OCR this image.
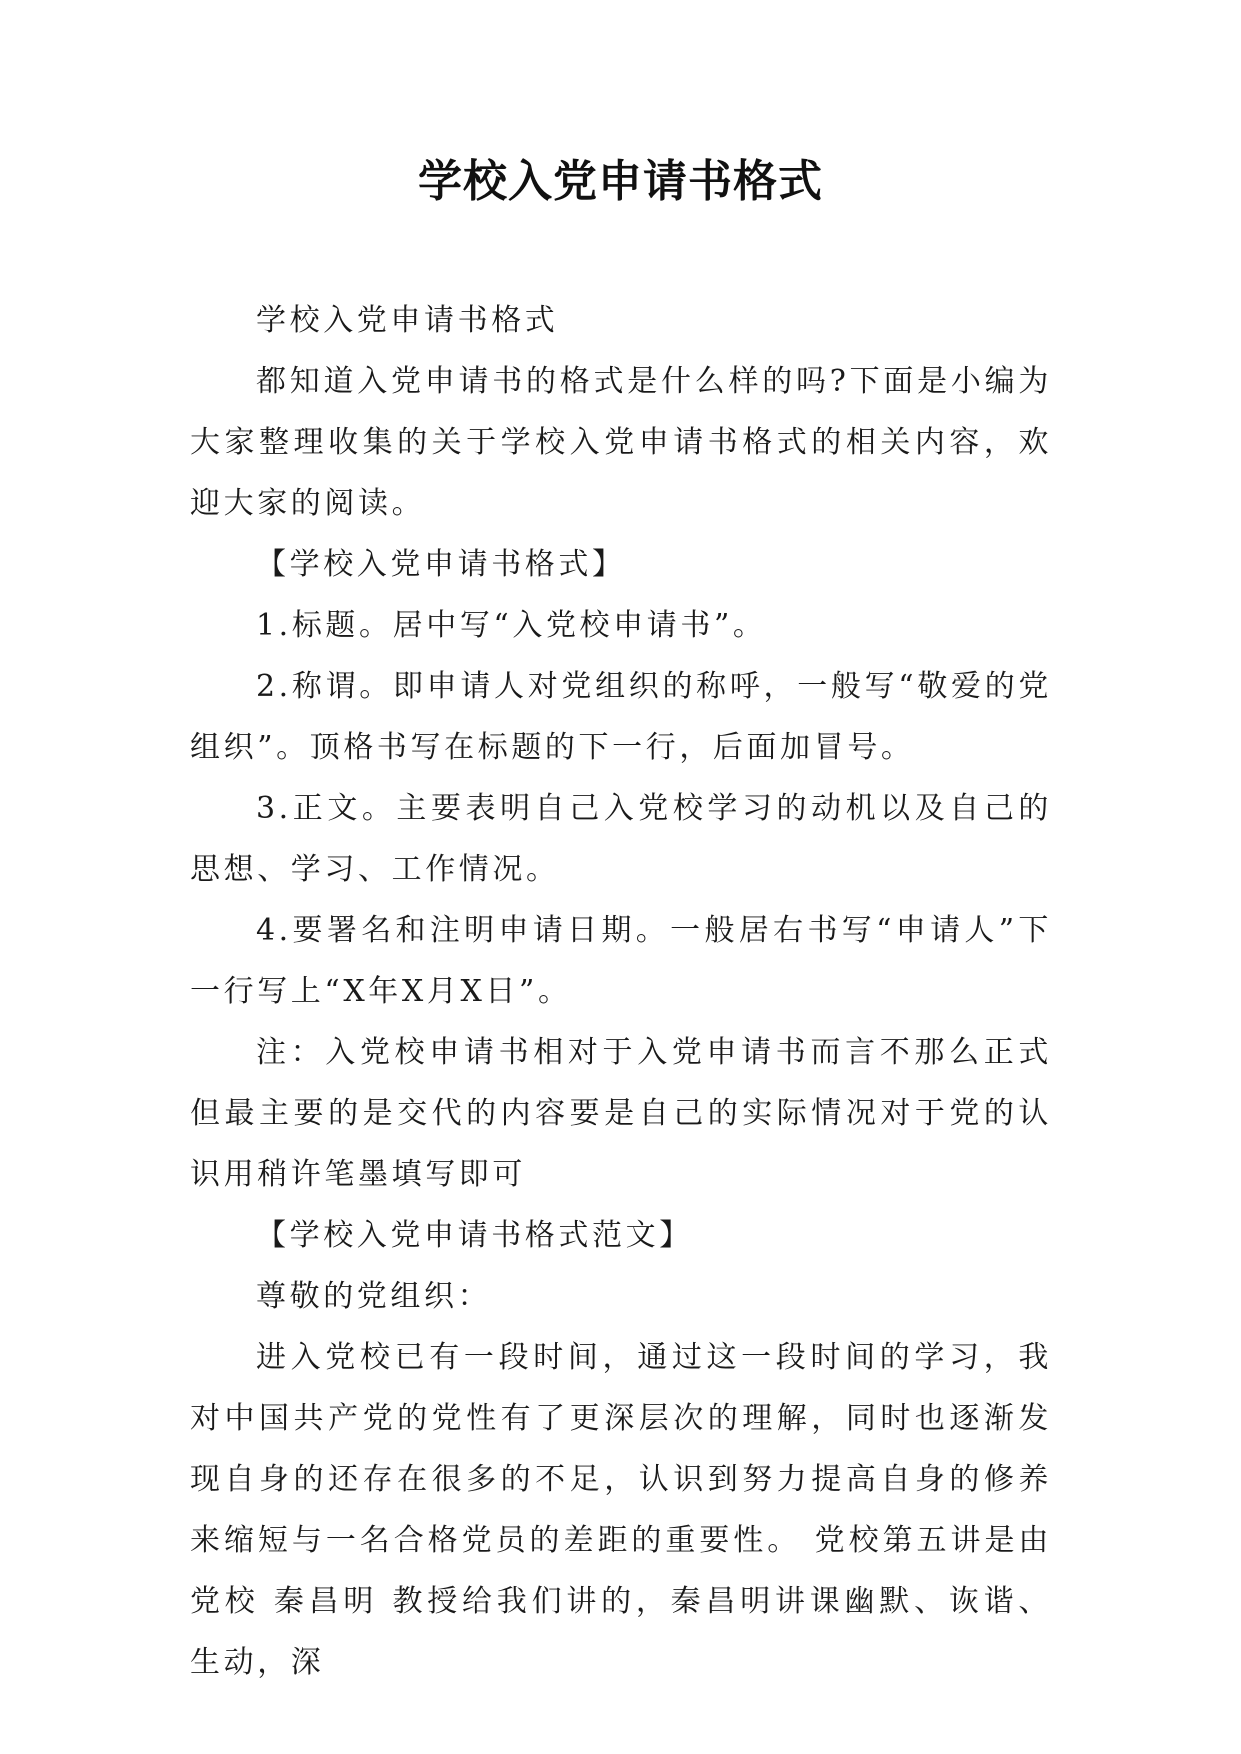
学校入党申请书格式

学校入党申请书格式

都知道入党申请书的格式是什么样的吗?下面是小编为大家整理收集的关于学校入党申请书格式的相关内容，欢迎大家的阅读。

【学校入党申请书格式】

1.标题。居中写“入党校申请书”。

2.称谓。即申请人对党组织的称呼，一般写“敬爱的党组织”。顶格书写在标题的下一行，后面加冒号。

3.正文。主要表明自己入党校学习的动机以及自己的思想、学习、工作情况。

4.要署名和注明申请日期。一般居右书写“申请人”下一行写上“X年X月X日”。

注：入党校申请书相对于入党申请书而言不那么正式但最主要的是交代的内容要是自己的实际情况对于党的认识用稍许笔墨填写即可

【学校入党申请书格式范文】

尊敬的党组织：

进入党校已有一段时间，通过这一段时间的学习，我对中国共产党的党性有了更深层次的理解，同时也逐渐发现自身的还存在很多的不足，认识到努力提高自身的修养来缩短与一名合格党员的差距的重要性。 党校第五讲是由党校 秦昌明 教授给我们讲的，秦昌明讲课幽默、诙谐、生动，深
